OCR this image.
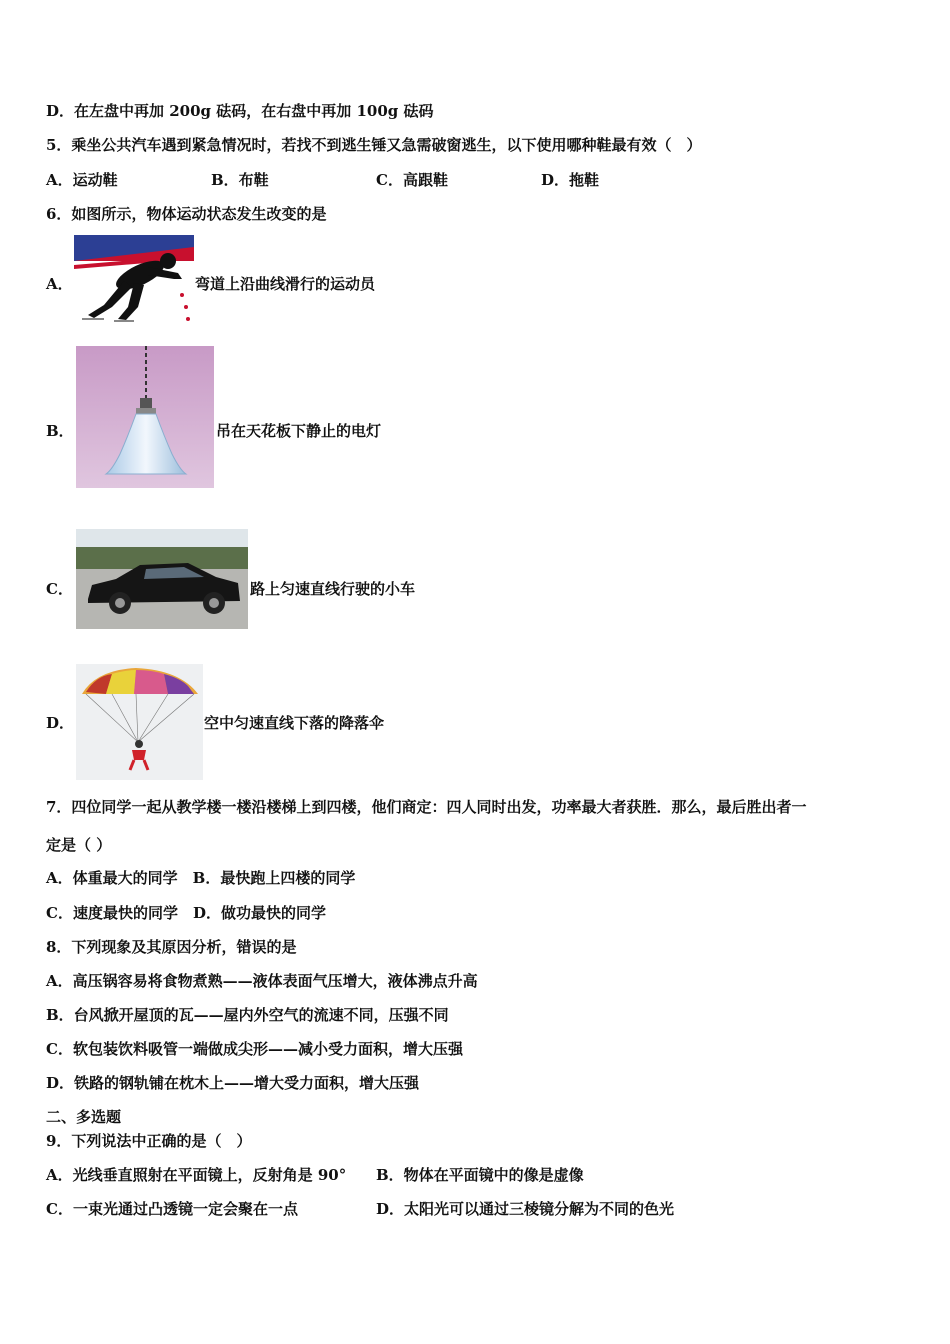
D．在左盘中再加 200g 砝码，在右盘中再加 100g 砝码
5．乘坐公共汽车遇到紧急情况时，若找不到逃生锤又急需破窗逃生，以下使用哪种鞋最有效（　）
A．运动鞋	B．布鞋	C．高跟鞋	D．拖鞋
6．如图所示，物体运动状态发生改变的是
A．	弯道上沿曲线滑行的运动员
B．	吊在天花板下静止的电灯
C．	路上匀速直线行驶的小车
D．	空中匀速直线下落的降落伞
7．四位同学一起从教学楼一楼沿楼梯上到四楼，他们商定：四人同时出发，功率最大者获胜．那么，最后胜出者一
定是（ ）
A．体重最大的同学　B．最快跑上四楼的同学
C．速度最快的同学　D．做功最快的同学
8．下列现象及其原因分析，错误的是
A．高压锅容易将食物煮熟——液体表面气压增大，液体沸点升高
B．台风掀开屋顶的瓦——屋内外空气的流速不同，压强不同
C．软包装饮料吸管一端做成尖形——减小受力面积，增大压强
D．铁路的钢轨铺在枕木上——增大受力面积，增大压强
二、多选题
9．下列说法中正确的是（　）
A．光线垂直照射在平面镜上，反射角是 90° B．物体在平面镜中的像是虚像
C．一束光通过凸透镜一定会聚在一点	D．太阳光可以通过三棱镜分解为不同的色光
